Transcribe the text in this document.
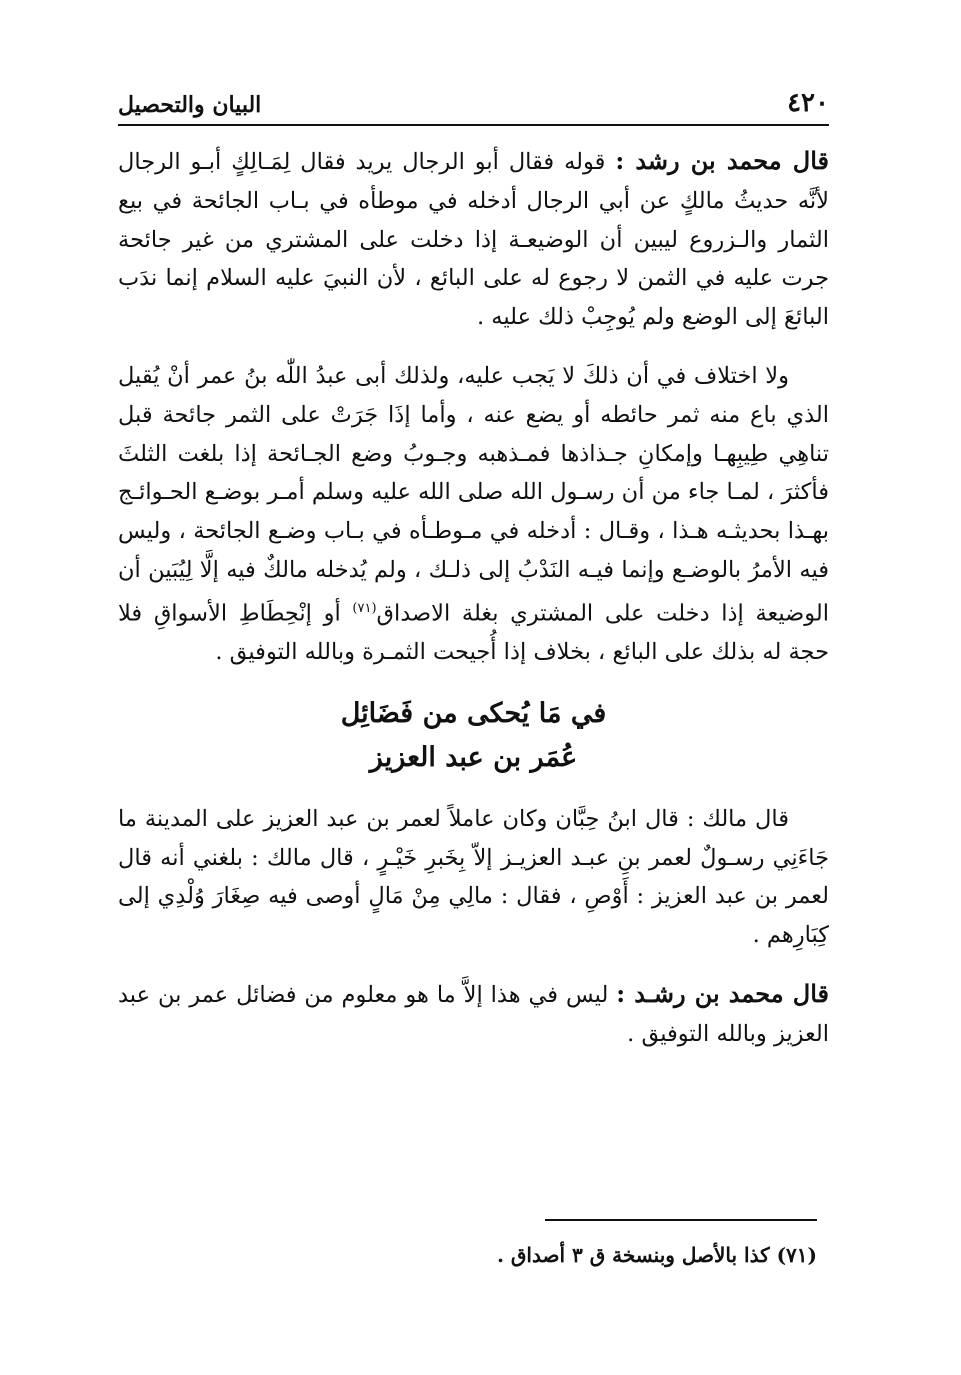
البيان والتحصيل	٤٢٠

قال محمد بن رشد : قوله فقال أبو الرجال يريد فقال لِمَـالِكٍ أبـو الرجال لأنَّه حديثُ مالكٍ عن أبي الرجال أدخله في موطأه في بـاب الجائحة في بيع الثمار والـزروع ليبين أن الوضيعـة إذا دخلت على المشتري من غير جائحة جرت عليه في الثمن لا رجوع له على البائع ، لأن النبيَ عليه السلام إنما ندَب البائعَ إلى الوضع ولم يُوجِبْ ذلك عليه .

ولا اختلاف في أن ذلكَ لا يَجب عليه، ولذلك أبى عبدُ اللّٰه بنُ عمر أنْ يُقيل الذي باع منه ثمر حائطه أو يضع عنه ، وأما إذَا جَرَتْ على الثمر جائحة قبل تناهِي طِيبِهـا وإمكانِ جـذاذها فمـذهبه وجـوبُ وضع الجـائحة إذا بلغت الثلثَ فأكثرَ ، لمـا جاء من أن رسـول الله صلى الله عليه وسلم أمـر بوضـع الحـوائـج بهـذا بحديثـه هـذا ، وقـال : أدخله في مـوطـأه في بـاب وضـع الجائحة ، وليس فيه الأمرُ بالوضـع وإنما فيـه النَدْبُ إلى ذلـك ، ولم يُدخله مالكٌ فيه إلَّا لِيُبَين أن الوضيعة إذا دخلت على المشتري بغلة الاصداق$^{(٧١)}$ أو إنْحِطَاطِ الأسواقِ فلا حجة له بذلك على البائع ، بخلاف إذا أُجيحت الثمـرة وبالله التوفيق .

في مَا يُحكى من فَضَائِل
عُمَر بن عبد العزيز

قال مالك : قال ابنُ حِبَّان وكان عاملاً لعمر بن عبد العزيز على المدينة ما جَاءَنِي رسـولٌ لعمر بنِ عبـد العزيـز إلاّ بِخَبرِ خَيْـرٍ ، قال مالك : بلغني أنه قال لعمر بن عبد العزيز : أَوْصِ ، فقال : مالِي مِنْ مَالٍ أوصى فيه صِغَارَ وُلْدِي إلى كِبَارِهم .

قال محمد بن رشـد : ليس في هذا إلاَّ ما هو معلوم من فضائل عمر بن عبد العزيز وبالله التوفيق .

(٧١) كذا بالأصل وبنسخة ق ٣ أصداق .
